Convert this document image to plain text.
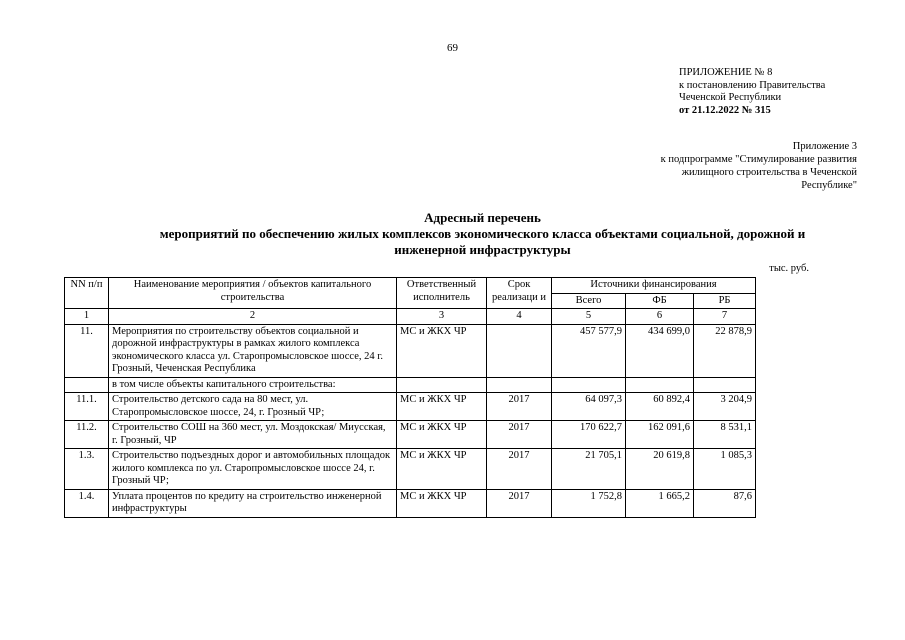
69
ПРИЛОЖЕНИЕ № 8
к постановлению Правительства
Чеченской Республики
от 21.12.2022 № 315
Приложение 3
к подпрограмме "Стимулирование развития
жилищного строительства в Чеченской
Республике"
Адресный перечень
мероприятий по обеспечению жилых комплексов экономического класса объектами социальной, дорожной и
инженерной инфраструктуры
тыс. руб.
NN п/п	Наименование мероприятия / объектов капитального строительства	Ответственный исполнитель	Срок реализаци и	Источники финансирования		
				Всего	ФБ	РБ
1	2	3	4	5	6	7
11.	Мероприятия по строительству объектов социальной и дорожной инфраструктуры в рамках жилого комплекса экономического класса ул. Старопромысловское шоссе, 24 г. Грозный, Чеченская Республика	МС и ЖКХ ЧР		457 577,9	434 699,0	22 878,9
	в том числе объекты капитального строительства:					
11.1.	Строительство детского сада на 80 мест, ул. Старопромысловское шоссе, 24, г. Грозный ЧР;	МС и ЖКХ ЧР	2017	64 097,3	60 892,4	3 204,9
11.2.	Строительство СОШ на 360 мест, ул. Моздокская/ Миусская, г. Грозный, ЧР	МС и ЖКХ ЧР	2017	170 622,7	162 091,6	8 531,1
1.3.	Строительство подъездных дорог и автомобильных площадок жилого комплекса по ул. Старопромысловское шоссе 24, г. Грозный ЧР;	МС и ЖКХ ЧР	2017	21 705,1	20 619,8	1 085,3
1.4.	Уплата процентов по кредиту на строительство инженерной инфраструктуры	МС и ЖКХ ЧР	2017	1 752,8	1 665,2	87,6
